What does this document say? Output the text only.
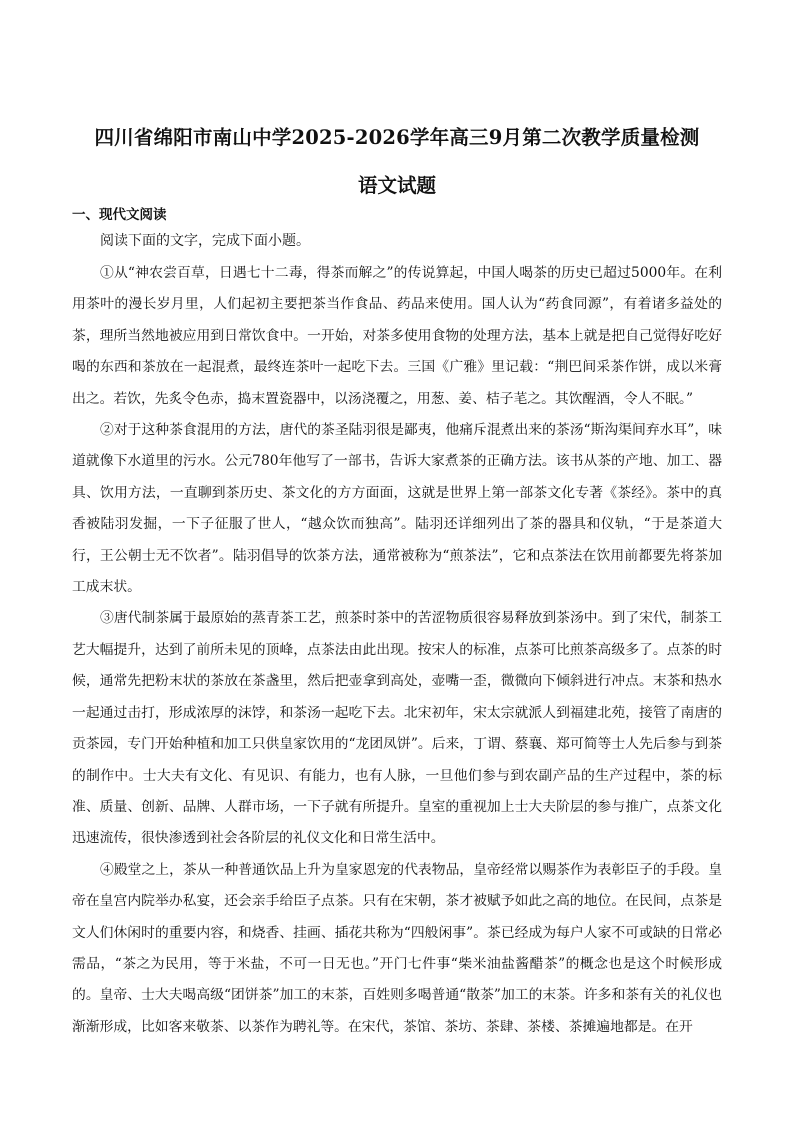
四川省绵阳市南山中学2025-2026学年高三9月第二次教学质量检测
语文试题
一、现代文阅读
阅读下面的文字，完成下面小题。

①从“神农尝百草，日遇七十二毒，得茶而解之”的传说算起，中国人喝茶的历史已超过5000年。在利用茶叶的漫长岁月里，人们起初主要把茶当作食品、药品来使用。国人认为“药食同源”，有着诸多益处的茶，理所当然地被应用到日常饮食中。一开始，对茶多使用食物的处理方法，基本上就是把自己觉得好吃好喝的东西和茶放在一起混煮，最终连茶叶一起吃下去。三国《广雅》里记载：“荆巴间采茶作饼，成以米膏出之。若饮，先炙令色赤，捣末置瓷器中，以汤浇覆之，用葱、姜、桔子芼之。其饮醒酒，令人不眠。”

②对于这种茶食混用的方法，唐代的茶圣陆羽很是鄙夷，他痛斥混煮出来的茶汤“斯沟渠间弃水耳”，味道就像下水道里的污水。公元780年他写了一部书，告诉大家煮茶的正确方法。该书从茶的产地、加工、器具、饮用方法，一直聊到茶历史、茶文化的方方面面，这就是世界上第一部茶文化专著《茶经》。茶中的真香被陆羽发掘，一下子征服了世人，“越众饮而独高”。陆羽还详细列出了茶的器具和仪轨，“于是茶道大行，王公朝士无不饮者”。陆羽倡导的饮茶方法，通常被称为“煎茶法”，它和点茶法在饮用前都要先将茶加工成末状。

③唐代制茶属于最原始的蒸青茶工艺，煎茶时茶中的苦涩物质很容易释放到茶汤中。到了宋代，制茶工艺大幅提升，达到了前所未见的顶峰，点茶法由此出现。按宋人的标准，点茶可比煎茶高级多了。点茶的时候，通常先把粉末状的茶放在茶盏里，然后把壶拿到高处，壶嘴一歪，微微向下倾斜进行冲点。末茶和热水一起通过击打，形成浓厚的沫饽，和茶汤一起吃下去。北宋初年，宋太宗就派人到福建北苑，接管了南唐的贡茶园，专门开始种植和加工只供皇家饮用的“龙团凤饼”。后来，丁谓、蔡襄、郑可简等士人先后参与到茶的制作中。士大夫有文化、有见识、有能力，也有人脉，一旦他们参与到农副产品的生产过程中，茶的标准、质量、创新、品牌、人群市场，一下子就有所提升。皇室的重视加上士大夫阶层的参与推广，点茶文化迅速流传，很快渗透到社会各阶层的礼仪文化和日常生活中。

④殿堂之上，茶从一种普通饮品上升为皇家恩宠的代表物品，皇帝经常以赐茶作为表彰臣子的手段。皇帝在皇宫内院举办私宴，还会亲手给臣子点茶。只有在宋朝，茶才被赋予如此之高的地位。在民间，点茶是文人们休闲时的重要内容，和烧香、挂画、插花共称为“四般闲事”。茶已经成为每户人家不可或缺的日常必需品，“茶之为民用，等于米盐，不可一日无也。”开门七件事“柴米油盐酱醋茶”的概念也是这个时候形成的。皇帝、士大夫喝高级“团饼茶”加工的末茶，百姓则多喝普通“散茶”加工的末茶。许多和茶有关的礼仪也渐渐形成，比如客来敬茶、以茶作为聘礼等。在宋代，茶馆、茶坊、茶肆、茶楼、茶摊遍地都是。在开
